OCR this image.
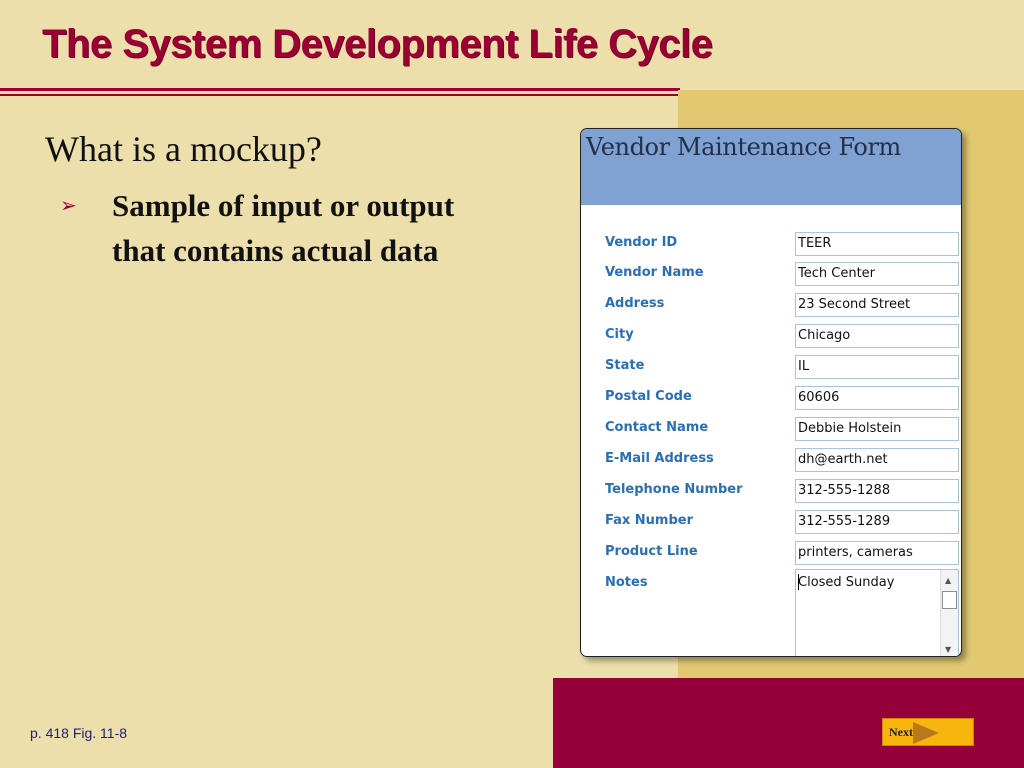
The System Development Life Cycle
What is a mockup?
➢ Sample of input or output that contains actual data
Vendor Maintenance Form
Vendor ID	TEER
Vendor Name	Tech Center
Address	23 Second Street
City	Chicago
State	IL
Postal Code	60606
Contact Name	Debbie Holstein
E-Mail Address	dh@earth.net
Telephone Number	312-555-1288
Fax Number	312-555-1289
Product Line	printers, cameras
Notes	Closed Sunday	▲
▼
p. 418 Fig. 11-8	Next
